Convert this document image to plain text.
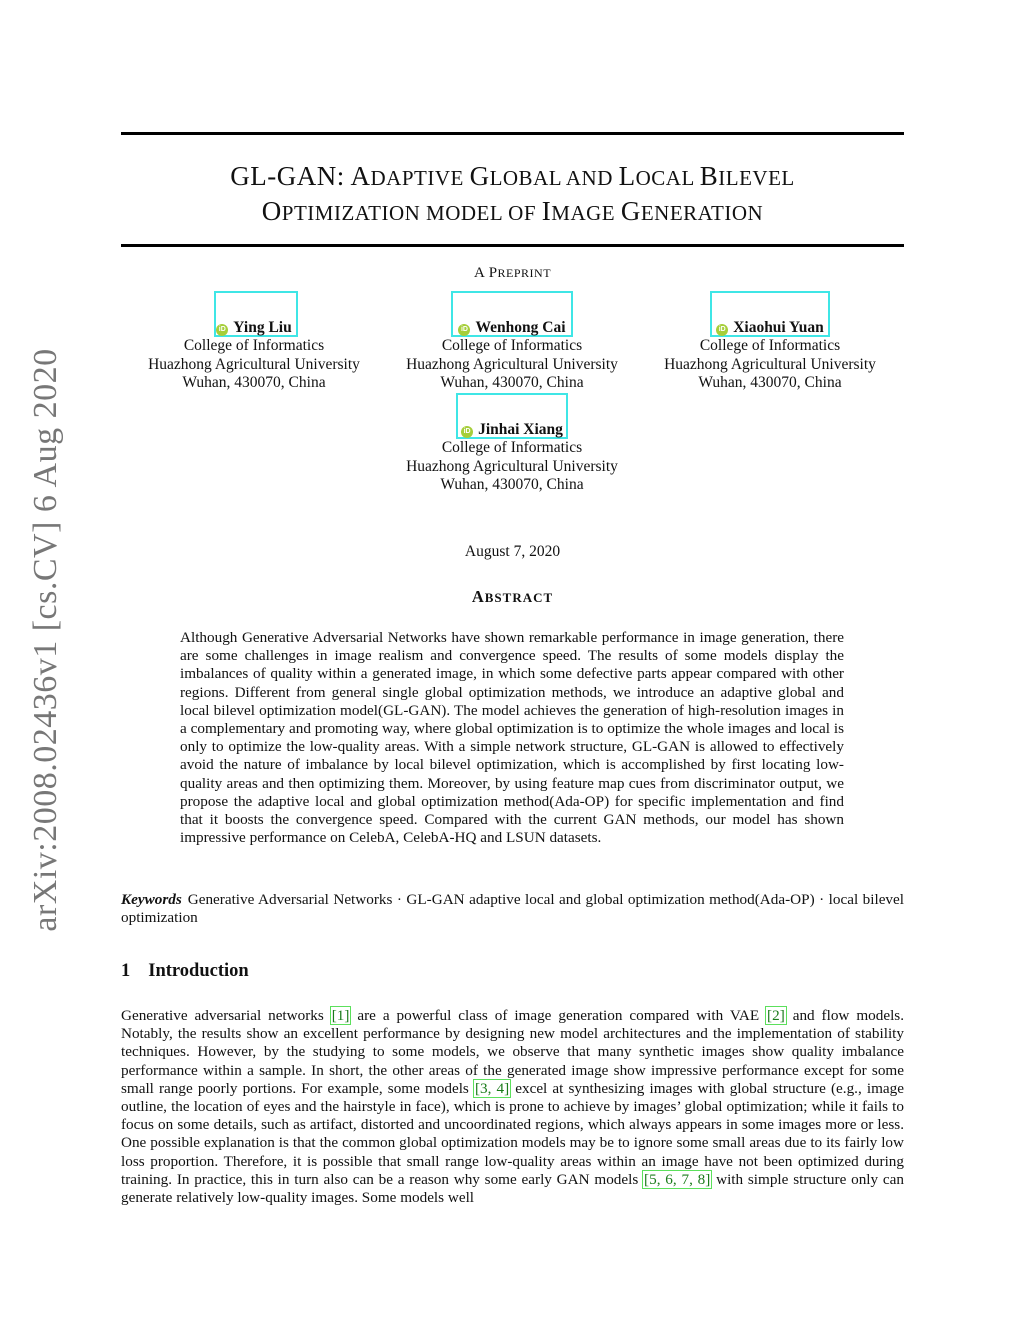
arXiv:2008.02436v1 [cs.CV] 6 Aug 2020
GL-GAN: ADAPTIVE GLOBAL AND LOCAL BILEVEL
OPTIMIZATION MODEL OF IMAGE GENERATION
A PREPRINT
iD Ying Liu
College of Informatics
Huazhong Agricultural University
Wuhan, 430070, China
iD Wenhong Cai
College of Informatics
Huazhong Agricultural University
Wuhan, 430070, China
iD Xiaohui Yuan
College of Informatics
Huazhong Agricultural University
Wuhan, 430070, China
iD Jinhai Xiang
College of Informatics
Huazhong Agricultural University
Wuhan, 430070, China
August 7, 2020
ABSTRACT
Although Generative Adversarial Networks have shown remarkable performance in image generation, there are some challenges in image realism and convergence speed. The results of some models display the imbalances of quality within a generated image, in which some defective parts appear compared with other regions. Different from general single global optimization methods, we introduce an adaptive global and local bilevel optimization model(GL-GAN). The model achieves the generation of high-resolution images in a complementary and promoting way, where global optimization is to optimize the whole images and local is only to optimize the low-quality areas. With a simple network structure, GL-GAN is allowed to effectively avoid the nature of imbalance by local bilevel optimization, which is accomplished by first locating low-quality areas and then optimizing them. Moreover, by using feature map cues from discriminator output, we propose the adaptive local and global optimization method(Ada-OP) for specific implementation and find that it boosts the convergence speed. Compared with the current GAN methods, our model has shown impressive performance on CelebA, CelebA-HQ and LSUN datasets.
Keywords Generative Adversarial Networks · GL-GAN adaptive local and global optimization method(Ada-OP) · local bilevel optimization
1 Introduction
Generative adversarial networks [1] are a powerful class of image generation compared with VAE [2] and flow models. Notably, the results show an excellent performance by designing new model architectures and the implementation of stability techniques. However, by the studying to some models, we observe that many synthetic images show quality imbalance performance within a sample. In short, the other areas of the generated image show impressive performance except for some small range poorly portions. For example, some models [3, 4] excel at synthesizing images with global structure (e.g., image outline, the location of eyes and the hairstyle in face), which is prone to achieve by images’ global optimization; while it fails to focus on some details, such as artifact, distorted and uncoordinated regions, which always appears in some images more or less. One possible explanation is that the common global optimization models may be to ignore some small areas due to its fairly low loss proportion. Therefore, it is possible that small range low-quality areas within an image have not been optimized during training. In practice, this in turn also can be a reason why some early GAN models [5, 6, 7, 8] with simple structure only can generate relatively low-quality images. Some models well
